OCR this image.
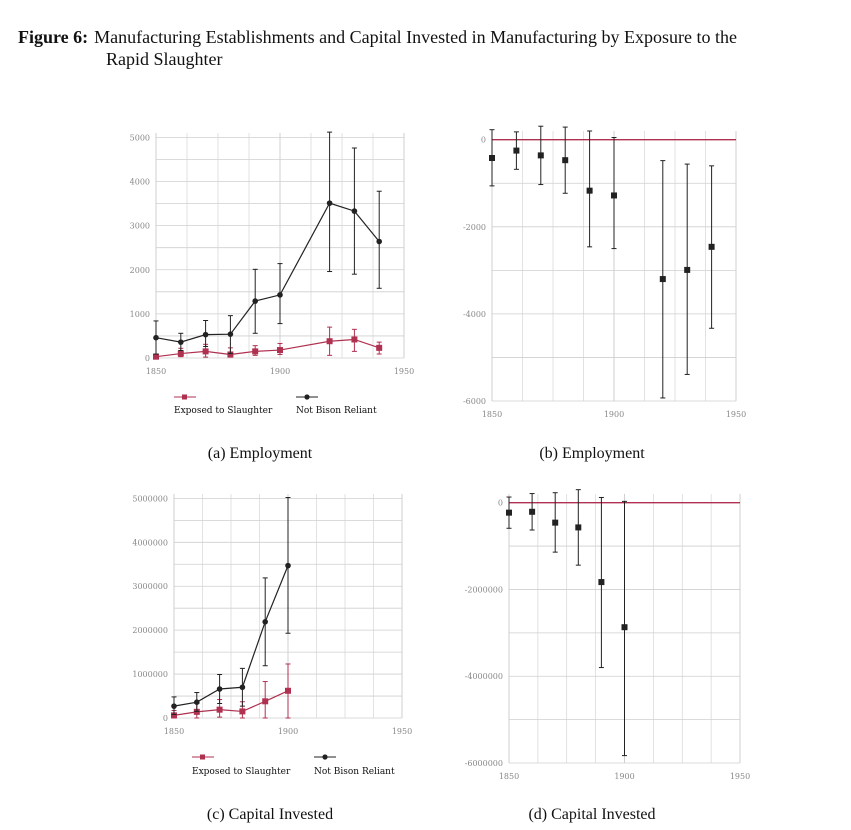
Figure 6: Manufacturing Establishments and Capital Invested in Manufacturing by Exposure to the
Rapid Slaughter
0
1000
2000
3000
4000
5000
1850	1900	1950
Exposed to Slaughter	Not Bison Reliant
0
-2000
-4000
-6000
1850	1900	1950
0
1000000
2000000
3000000
4000000
5000000
1850	1900	1950
Exposed to Slaughter	Not Bison Reliant
0
-2000000
-4000000
-6000000
1850	1900	1950
(a) Employment	(b) Employment
(c) Capital Invested	(d) Capital Invested
